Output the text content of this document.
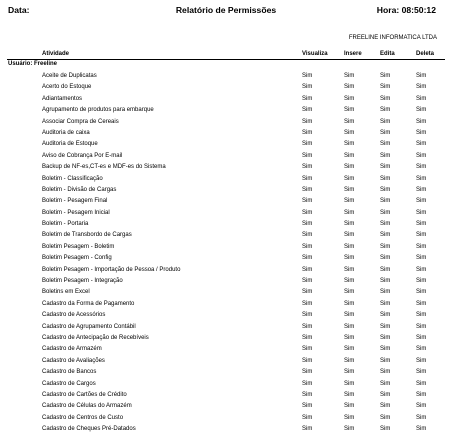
Data:	Relatório de Permissões	Hora: 08:50:12
FREELINE INFORMATICA LTDA
Atividade	Visualiza	Insere	Edita	Deleta
Usuário: Freeline
Aceite de Duplicatas	Sim	Sim	Sim	Sim
Acerto do Estoque	Sim	Sim	Sim	Sim
Adiantamentos	Sim	Sim	Sim	Sim
Agrupamento de produtos para embarque	Sim	Sim	Sim	Sim
Associar Compra de Cereais	Sim	Sim	Sim	Sim
Auditoria de caixa	Sim	Sim	Sim	Sim
Auditoria de Estoque	Sim	Sim	Sim	Sim
Aviso de Cobrança Por E-mail	Sim	Sim	Sim	Sim
Backup de NF-es,CT-es e MDF-es do Sistema	Sim	Sim	Sim	Sim
Boletim - Classificação	Sim	Sim	Sim	Sim
Boletim - Divisão de Cargas	Sim	Sim	Sim	Sim
Boletim - Pesagem Final	Sim	Sim	Sim	Sim
Boletim - Pesagem Inicial	Sim	Sim	Sim	Sim
Boletim - Portaria	Sim	Sim	Sim	Sim
Boletim de Transbordo de Cargas	Sim	Sim	Sim	Sim
Boletim Pesagem - Boletim	Sim	Sim	Sim	Sim
Boletim Pesagem - Config	Sim	Sim	Sim	Sim
Boletim Pesagem - Importação de Pessoa / Produto	Sim	Sim	Sim	Sim
Boletim Pesagem - Integração	Sim	Sim	Sim	Sim
Boletins em Excel	Sim	Sim	Sim	Sim
Cadastro da Forma de Pagamento	Sim	Sim	Sim	Sim
Cadastro de Acessórios	Sim	Sim	Sim	Sim
Cadastro de Agrupamento Contábil	Sim	Sim	Sim	Sim
Cadastro de Antecipação de Recebíveis	Sim	Sim	Sim	Sim
Cadastro de Armazém	Sim	Sim	Sim	Sim
Cadastro de Avaliações	Sim	Sim	Sim	Sim
Cadastro de Bancos	Sim	Sim	Sim	Sim
Cadastro de Cargos	Sim	Sim	Sim	Sim
Cadastro de Cartões de Crédito	Sim	Sim	Sim	Sim
Cadastro de Células do Armazém	Sim	Sim	Sim	Sim
Cadastro de Centros de Custo	Sim	Sim	Sim	Sim
Cadastro de Cheques Pré-Datados	Sim	Sim	Sim	Sim
